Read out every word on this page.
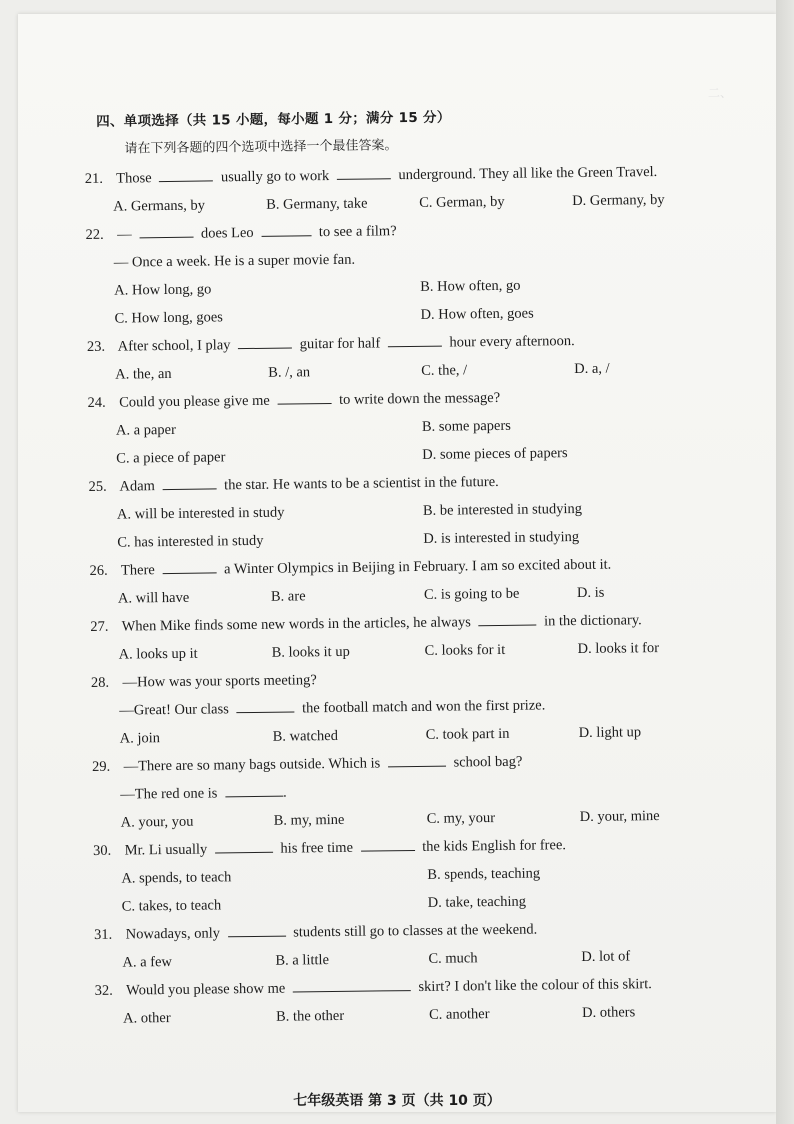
二、
四、单项选择（共 15 小题，每小题 1 分；满分 15 分）
请在下列各题的四个选项中选择一个最佳答案。
21. Those	usually go to work	underground. They all like the Green Travel.
A. Germans, by	B. Germany, take	C. German, by	D. Germany, by
22. —	does Leo	to see a film?
— Once a week. He is a super movie fan.
A. How long, go	B. How often, go
C. How long, goes	D. How often, goes
23. After school, I play	guitar for half	hour every afternoon.
A. the, an	B. /, an	C. the, /	D. a, /
24. Could you please give me	to write down the message?
A. a paper	B. some papers
C. a piece of paper	D. some pieces of papers
25. Adam	the star. He wants to be a scientist in the future.
A. will be interested in study	B. be interested in studying
C. has interested in study	D. is interested in studying
26. There	a Winter Olympics in Beijing in February. I am so excited about it.
A. will have	B. are	C. is going to be	D. is
27. When Mike finds some new words in the articles, he always	in the dictionary.
A. looks up it	B. looks it up	C. looks for it	D. looks it for
28. —How was your sports meeting?
—Great! Our class	the football match and won the first prize.
A. join	B. watched	C. took part in	D. light up
29. —There are so many bags outside. Which is	school bag?
—The red one is	.
A. your, you	B. my, mine	C. my, your	D. your, mine
30. Mr. Li usually	his free time	the kids English for free.
A. spends, to teach	B. spends, teaching
C. takes, to teach	D. take, teaching
31. Nowadays, only	students still go to classes at the weekend.
A. a few	B. a little	C. much	D. lot of
32. Would you please show me	skirt? I don't like the colour of this skirt.
A. other	B. the other	C. another	D. others
七年级英语 第 3 页（共 10 页）
